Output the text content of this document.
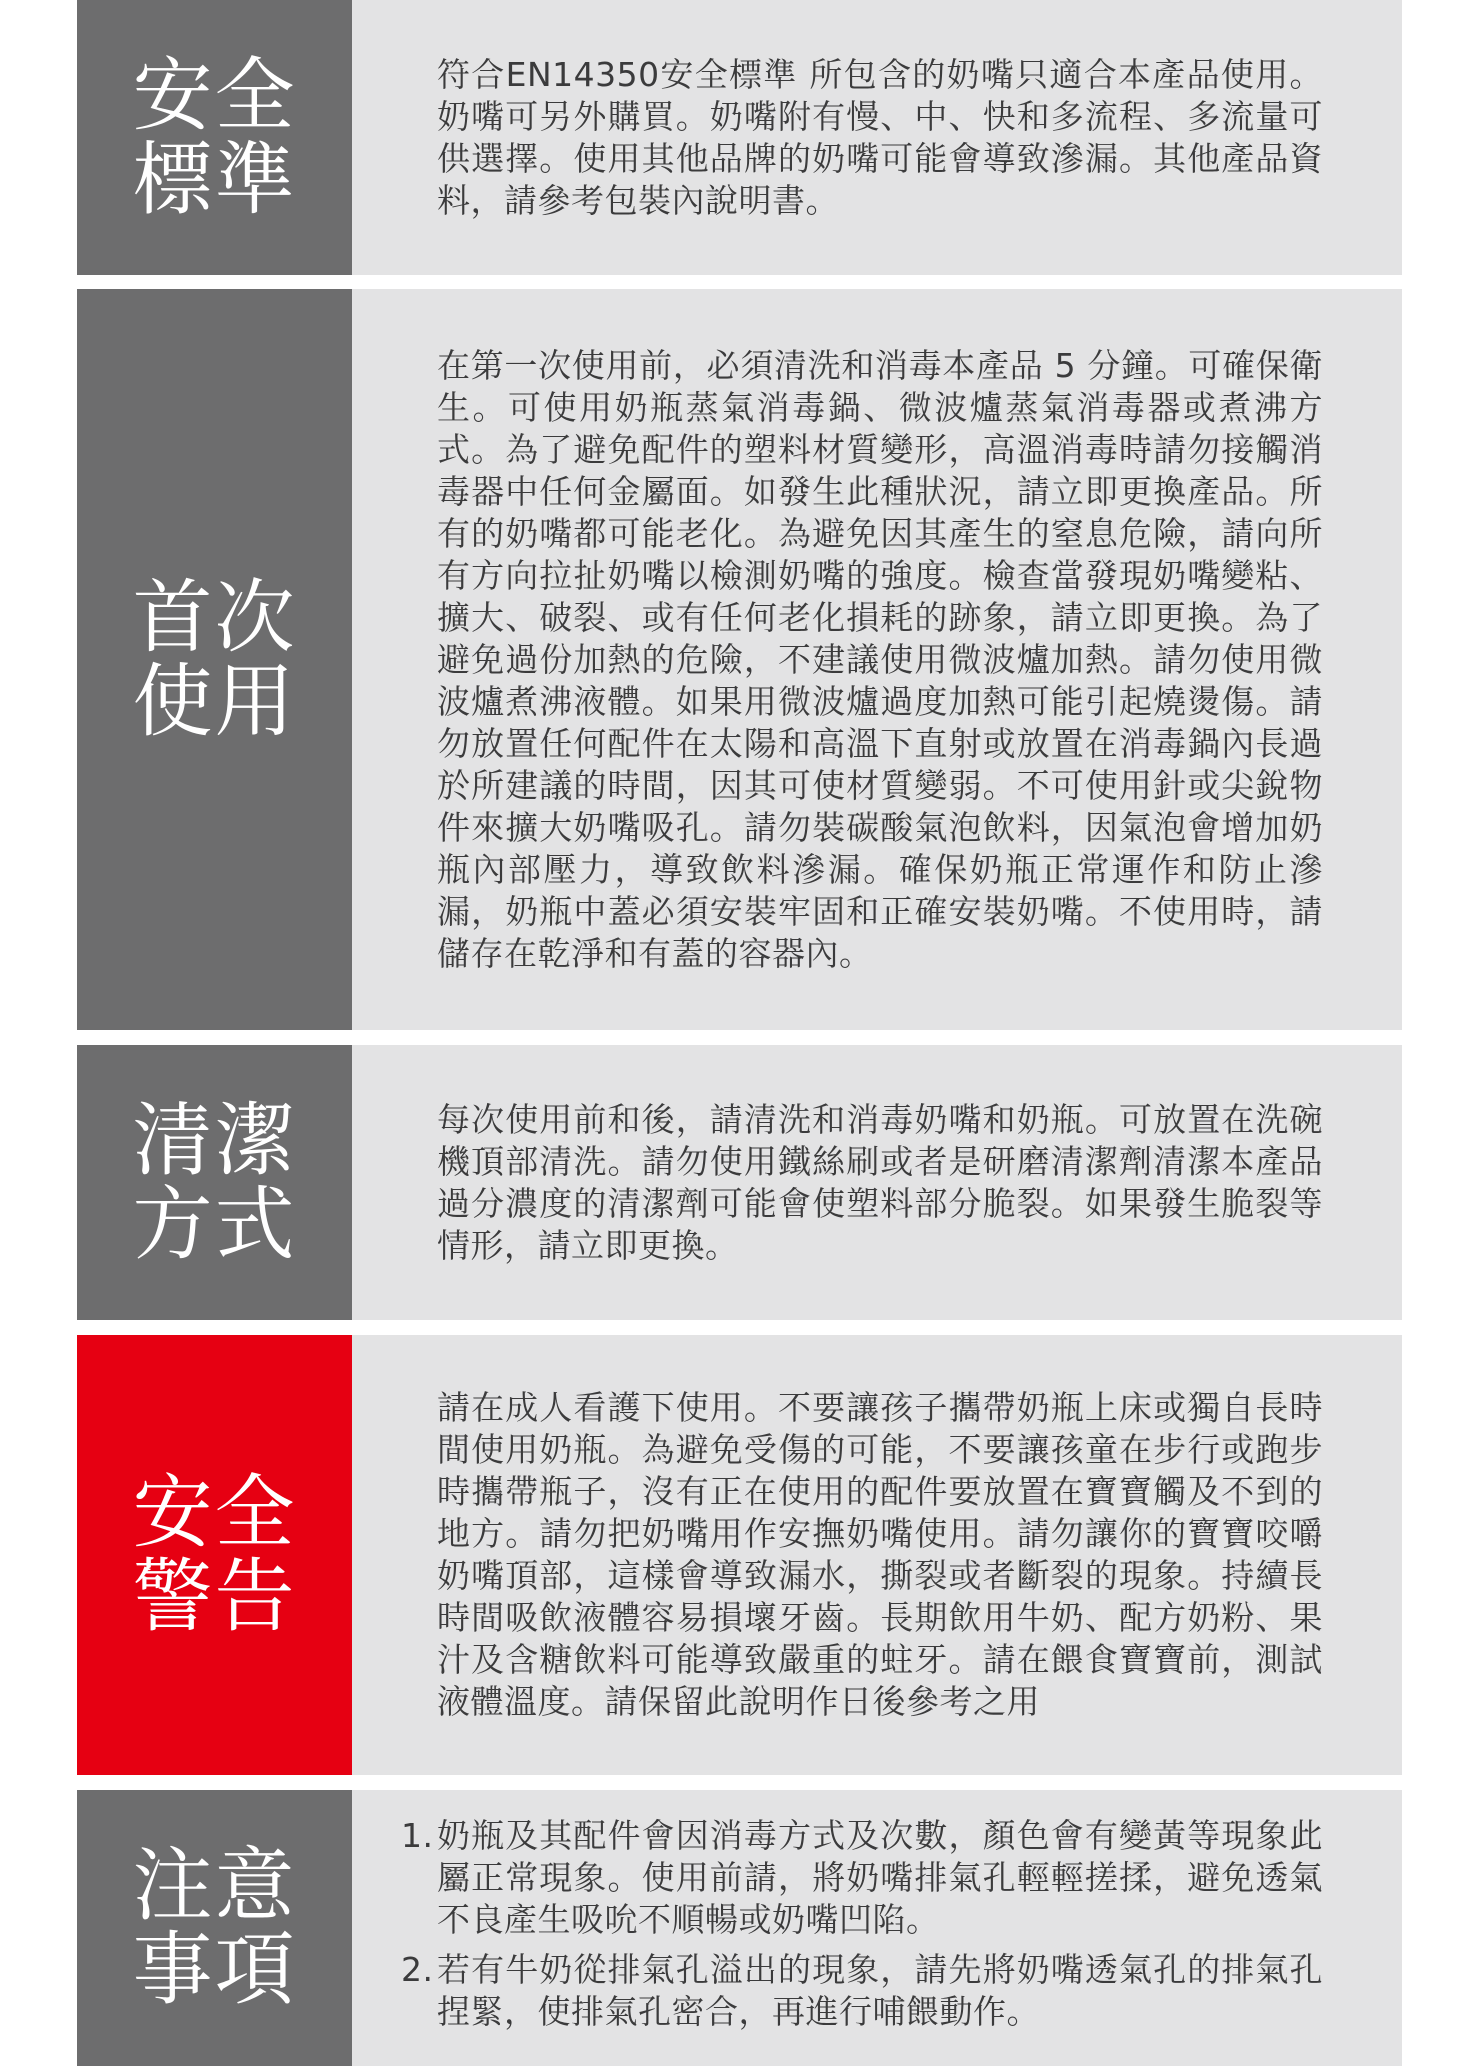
安全標準
符合EN14350安全標準 所包含的奶嘴只適合本產品使用。奶嘴可另外購買。奶嘴附有慢、中、快和多流程、多流量可供選擇。使用其他品牌的奶嘴可能會導致滲漏。其他產品資料，請參考包裝內說明書。
首次使用
在第一次使用前，必須清洗和消毒本產品 5 分鐘。可確保衛生。可使用奶瓶蒸氣消毒鍋、微波爐蒸氣消毒器或煮沸方式。為了避免配件的塑料材質變形，高溫消毒時請勿接觸消毒器中任何金屬面。如發生此種狀況，請立即更換產品。所有的奶嘴都可能老化。為避免因其產生的窒息危險，請向所有方向拉扯奶嘴以檢測奶嘴的強度。檢查當發現奶嘴變粘、擴大、破裂、或有任何老化損耗的跡象，請立即更換。為了避免過份加熱的危險，不建議使用微波爐加熱。請勿使用微波爐煮沸液體。如果用微波爐過度加熱可能引起燒燙傷。請勿放置任何配件在太陽和高溫下直射或放置在消毒鍋內長過於所建議的時間，因其可使材質變弱。不可使用針或尖銳物件來擴大奶嘴吸孔。請勿裝碳酸氣泡飲料，因氣泡會增加奶瓶內部壓力，導致飲料滲漏。確保奶瓶正常運作和防止滲漏，奶瓶中蓋必須安裝牢固和正確安裝奶嘴。不使用時，請儲存在乾淨和有蓋的容器內。
清潔方式
每次使用前和後，請清洗和消毒奶嘴和奶瓶。可放置在洗碗機頂部清洗。請勿使用鐵絲刷或者是研磨清潔劑清潔本產品過分濃度的清潔劑可能會使塑料部分脆裂。如果發生脆裂等情形，請立即更換。
安全警告
請在成人看護下使用。不要讓孩子攜帶奶瓶上床或獨自長時間使用奶瓶。為避免受傷的可能，不要讓孩童在步行或跑步時攜帶瓶子，沒有正在使用的配件要放置在寶寶觸及不到的地方。請勿把奶嘴用作安撫奶嘴使用。請勿讓你的寶寶咬嚼奶嘴頂部，這樣會導致漏水，撕裂或者斷裂的現象。持續長時間吸飲液體容易損壞牙齒。長期飲用牛奶、配方奶粉、果汁及含糖飲料可能導致嚴重的蛀牙。請在餵食寶寶前，測試液體溫度。請保留此說明作日後參考之用
注意事項
1. 奶瓶及其配件會因消毒方式及次數，顏色會有變黃等現象此屬正常現象。使用前請，將奶嘴排氣孔輕輕搓揉，避免透氣不良產生吸吮不順暢或奶嘴凹陷。
2. 若有牛奶從排氣孔溢出的現象，請先將奶嘴透氣孔的排氣孔捏緊，使排氣孔密合，再進行哺餵動作。
